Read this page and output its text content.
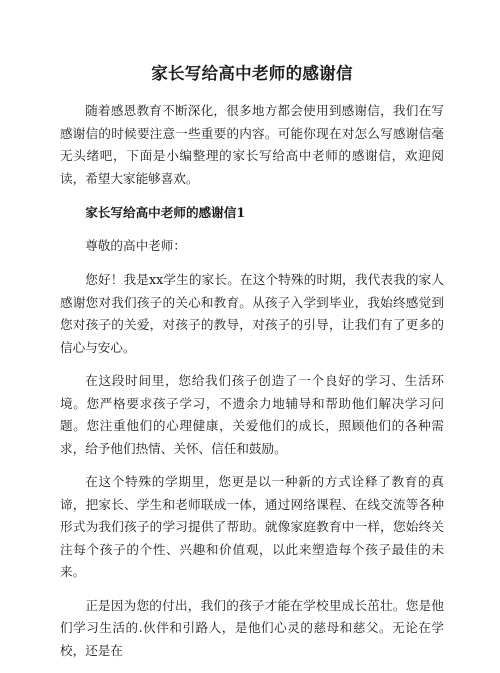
家长写给高中老师的感谢信

随着感恩教育不断深化，很多地方都会使用到感谢信，我们在写感谢信的时候要注意一些重要的内容。可能你现在对怎么写感谢信毫无头绪吧，下面是小编整理的家长写给高中老师的感谢信，欢迎阅读，希望大家能够喜欢。

家长写给高中老师的感谢信1

尊敬的高中老师：

您好！我是xx学生的家长。在这个特殊的时期，我代表我的家人感谢您对我们孩子的关心和教育。从孩子入学到毕业，我始终感觉到您对孩子的关爱，对孩子的教导，对孩子的引导，让我们有了更多的信心与安心。

在这段时间里，您给我们孩子创造了一个良好的学习、生活环境。您严格要求孩子学习，不遗余力地辅导和帮助他们解决学习问题。您注重他们的心理健康，关爱他们的成长，照顾他们的各种需求，给予他们热情、关怀、信任和鼓励。

在这个特殊的学期里，您更是以一种新的方式诠释了教育的真谛，把家长、学生和老师联成一体，通过网络课程、在线交流等各种形式为我们孩子的学习提供了帮助。就像家庭教育中一样，您始终关注每个孩子的个性、兴趣和价值观，以此来塑造每个孩子最佳的未来。

正是因为您的付出，我们的孩子才能在学校里成长茁壮。您是他们学习生活的.伙伴和引路人，是他们心灵的慈母和慈父。无论在学校，还是在
